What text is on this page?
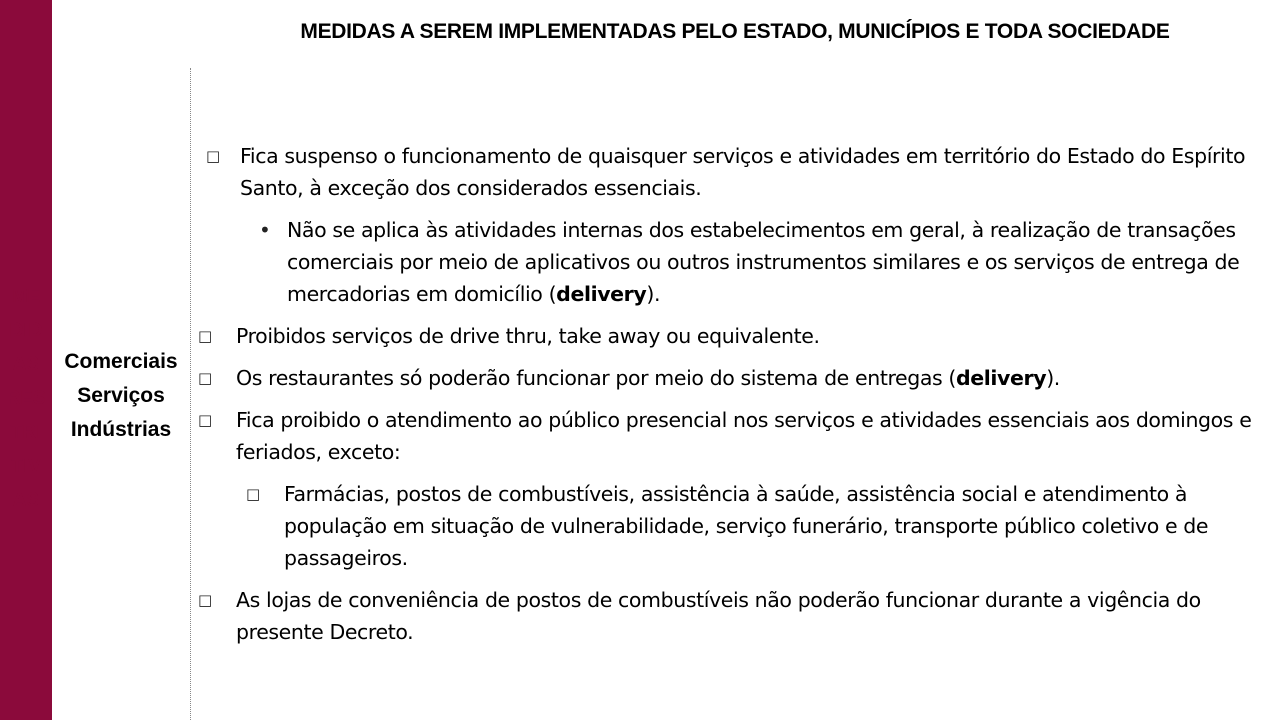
ME
DID
AS
RES
TRI
TIV
AS
MEDIDAS A SEREM IMPLEMENTADAS PELO ESTADO, MUNICÍPIOS E TODA SOCIEDADE
Comerciais
Serviços
Indústrias

□ Fica suspenso o funcionamento de quaisquer serviços e atividades em território do Estado do Espírito Santo, à exceção dos considerados essenciais.

• Não se aplica às atividades internas dos estabelecimentos em geral, à realização de transações comerciais por meio de aplicativos ou outros instrumentos similares e os serviços de entrega de mercadorias em domicílio (delivery).

□ Proibidos serviços de drive thru, take away ou equivalente.

□ Os restaurantes só poderão funcionar por meio do sistema de entregas (delivery).

□ Fica proibido o atendimento ao público presencial nos serviços e atividades essenciais aos domingos e feriados, exceto:

□ Farmácias, postos de combustíveis, assistência à saúde, assistência social e atendimento à população em situação de vulnerabilidade, serviço funerário, transporte público coletivo e de passageiros.

□ As lojas de conveniência de postos de combustíveis não poderão funcionar durante a vigência do presente Decreto.
